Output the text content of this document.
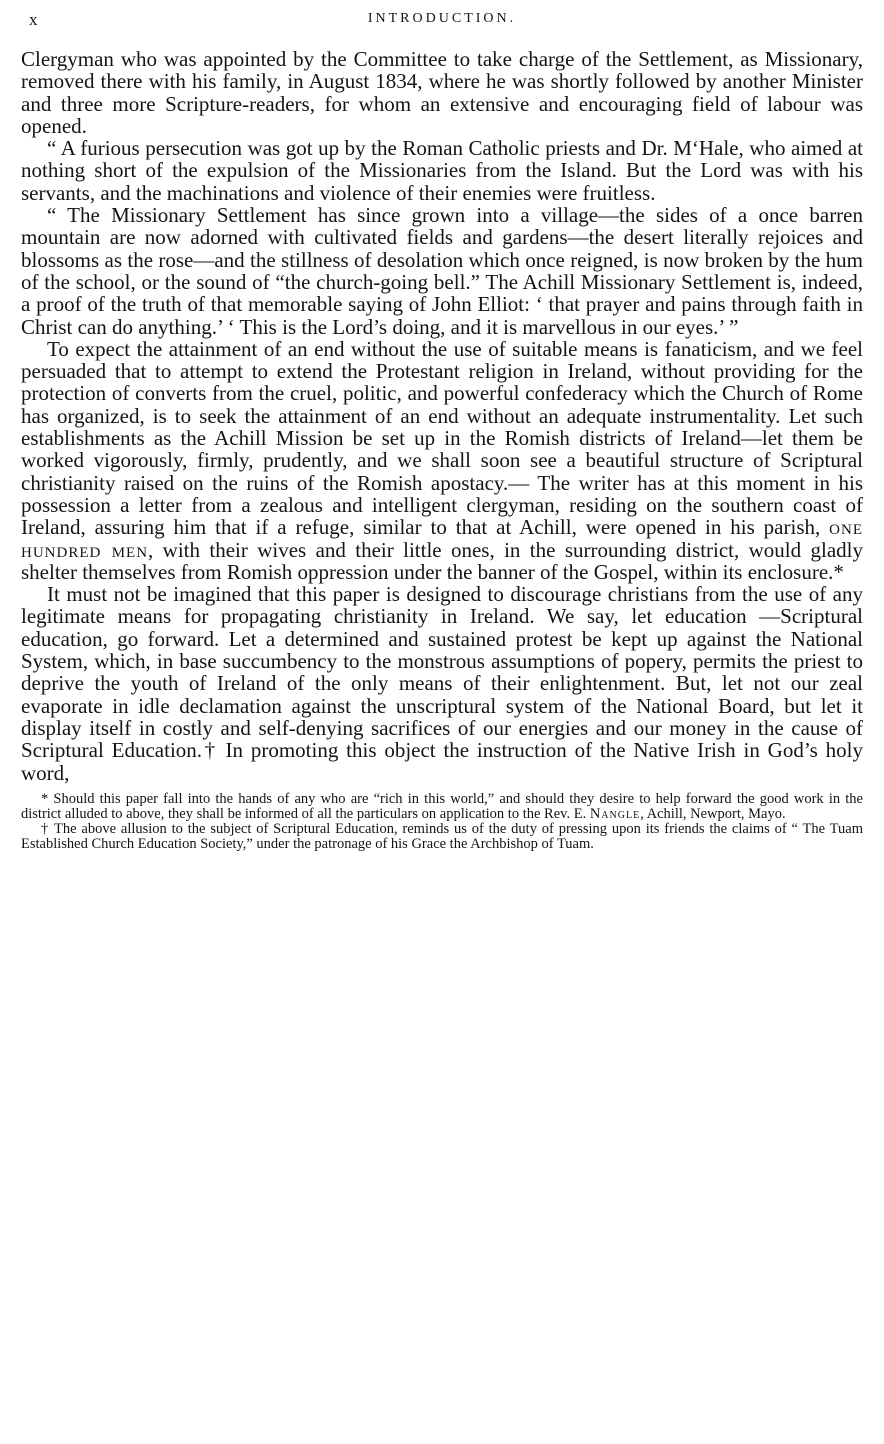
x	INTRODUCTION.

Clergyman who was appointed by the Committee to take charge of the Settlement, as Missionary, removed there with his family, in August 1834, where he was shortly followed by another Minister and three more Scripture-readers, for whom an extensive and encouraging field of labour was opened.

“ A furious persecution was got up by the Roman Catholic priests and Dr. M‘Hale, who aimed at nothing short of the expulsion of the Missionaries from the Island. But the Lord was with his servants, and the machinations and violence of their enemies were fruitless.

“ The Missionary Settlement has since grown into a village—the sides of a once barren mountain are now adorned with cultivated fields and gardens—the desert literally rejoices and blossoms as the rose—and the stillness of desolation which once reigned, is now broken by the hum of the school, or the sound of “the church-going bell.” The Achill Missionary Settlement is, indeed, a proof of the truth of that memorable saying of John Elliot: ‘ that prayer and pains through faith in Christ can do anything.’ ‘ This is the Lord’s doing, and it is marvellous in our eyes.’ ”

To expect the attainment of an end without the use of suitable means is fanaticism, and we feel persuaded that to attempt to extend the Protestant religion in Ireland, without providing for the protection of converts from the cruel, politic, and powerful confederacy which the Church of Rome has organized, is to seek the attainment of an end without an adequate instrumentality. Let such establishments as the Achill Mission be set up in the Romish districts of Ireland—let them be worked vigorously, firmly, prudently, and we shall soon see a beautiful structure of Scriptural christianity raised on the ruins of the Romish apostacy.— The writer has at this moment in his possession a letter from a zealous and intelligent clergyman, residing on the southern coast of Ireland, assuring him that if a refuge, similar to that at Achill, were opened in his parish, one hundred men, with their wives and their little ones, in the surrounding district, would gladly shelter themselves from Romish oppression under the banner of the Gospel, within its enclosure.*

It must not be imagined that this paper is designed to discourage christians from the use of any legitimate means for propagating christianity in Ireland. We say, let education —Scriptural education, go forward. Let a determined and sustained protest be kept up against the National System, which, in base succumbency to the monstrous assumptions of popery, permits the priest to deprive the youth of Ireland of the only means of their enlightenment. But, let not our zeal evaporate in idle declamation against the unscriptural system of the National Board, but let it display itself in costly and self-denying sacrifices of our energies and our money in the cause of Scriptural Education.† In promoting this object the instruction of the Native Irish in God’s holy word,

* Should this paper fall into the hands of any who are “rich in this world,” and should they desire to help forward the good work in the district alluded to above, they shall be informed of all the particulars on application to the Rev. E. Nangle, Achill, Newport, Mayo.

† The above allusion to the subject of Scriptural Education, reminds us of the duty of pressing upon its friends the claims of “ The Tuam Established Church Education Society,” under the patronage of his Grace the Archbishop of Tuam.
